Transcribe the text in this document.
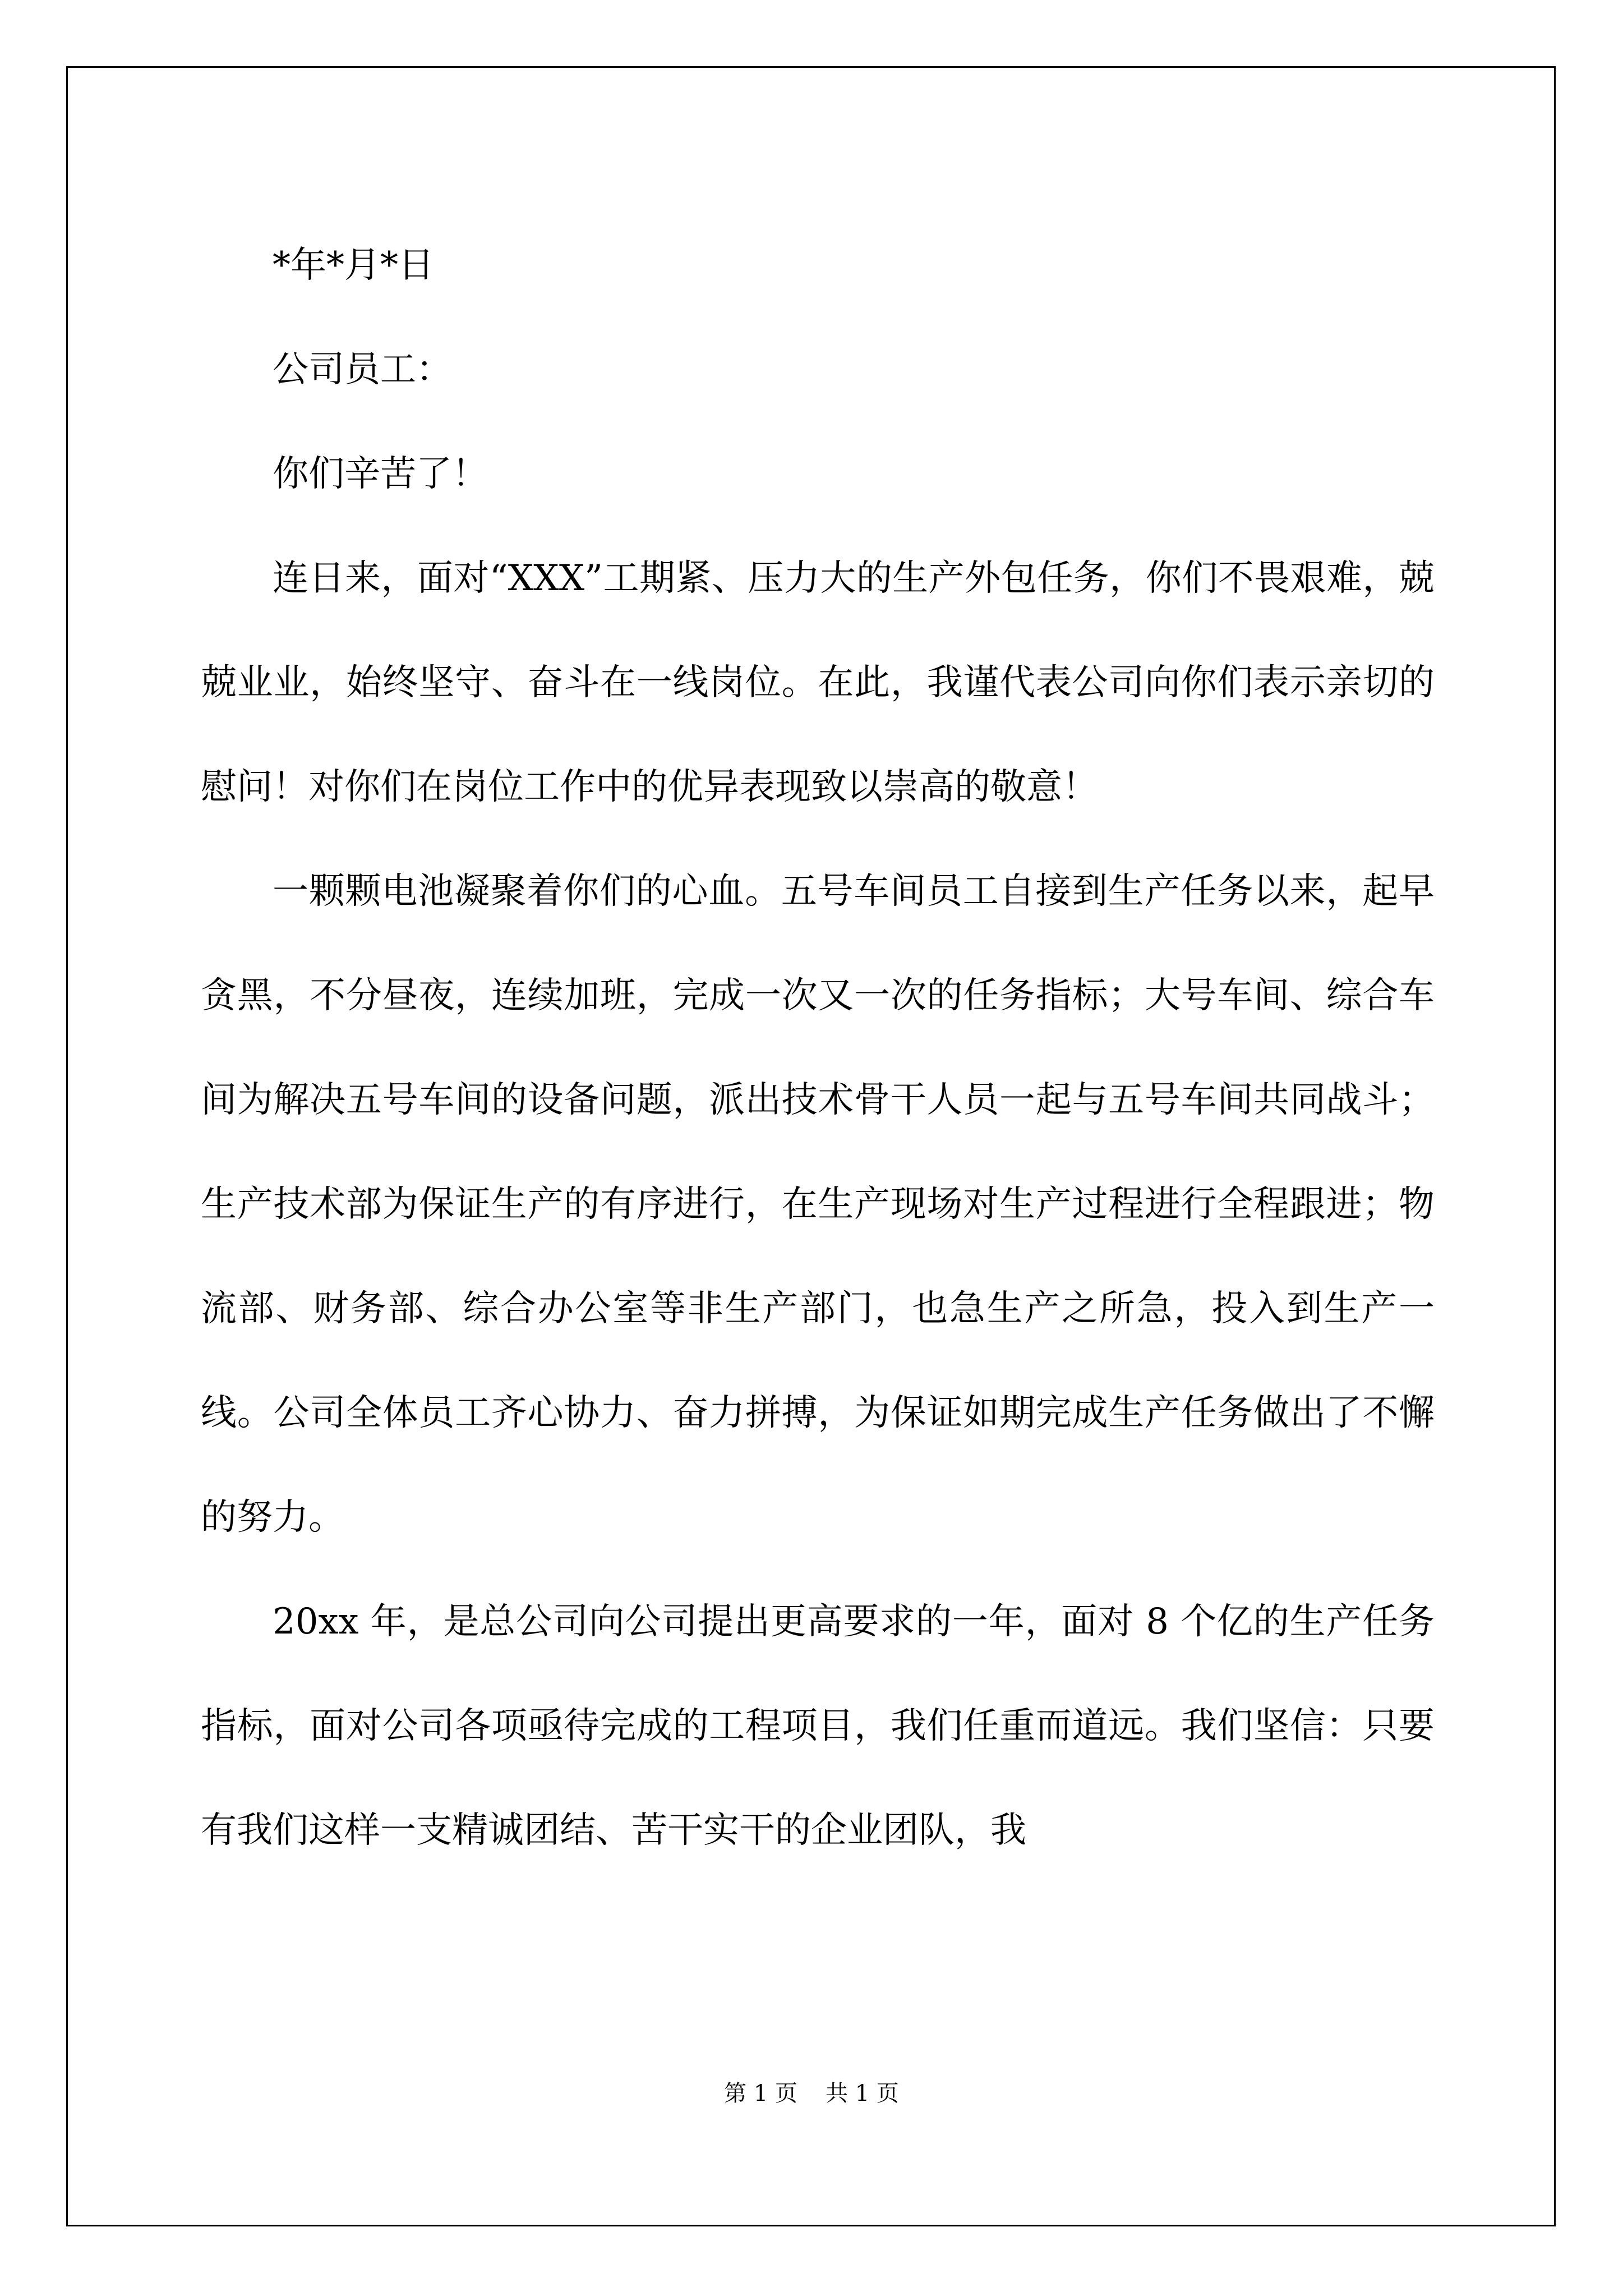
*年*月*日

公司员工：

你们辛苦了！

连日来，面对“XXX”工期紧、压力大的生产外包任务，你们不畏艰难，兢兢业业，始终坚守、奋斗在一线岗位。在此，我谨代表公司向你们表示亲切的慰问！对你们在岗位工作中的优异表现致以崇高的敬意！

一颗颗电池凝聚着你们的心血。五号车间员工自接到生产任务以来，起早贪黑，不分昼夜，连续加班，完成一次又一次的任务指标；大号车间、综合车间为解决五号车间的设备问题，派出技术骨干人员一起与五号车间共同战斗；生产技术部为保证生产的有序进行，在生产现场对生产过程进行全程跟进；物流部、财务部、综合办公室等非生产部门，也急生产之所急，投入到生产一线。公司全体员工齐心协力、奋力拼搏，为保证如期完成生产任务做出了不懈的努力。

20xx 年，是总公司向公司提出更高要求的一年，面对 8 个亿的生产任务指标，面对公司各项亟待完成的工程项目，我们任重而道远。我们坚信：只要有我们这样一支精诚团结、苦干实干的企业团队，我

第 1 页 共 1 页
